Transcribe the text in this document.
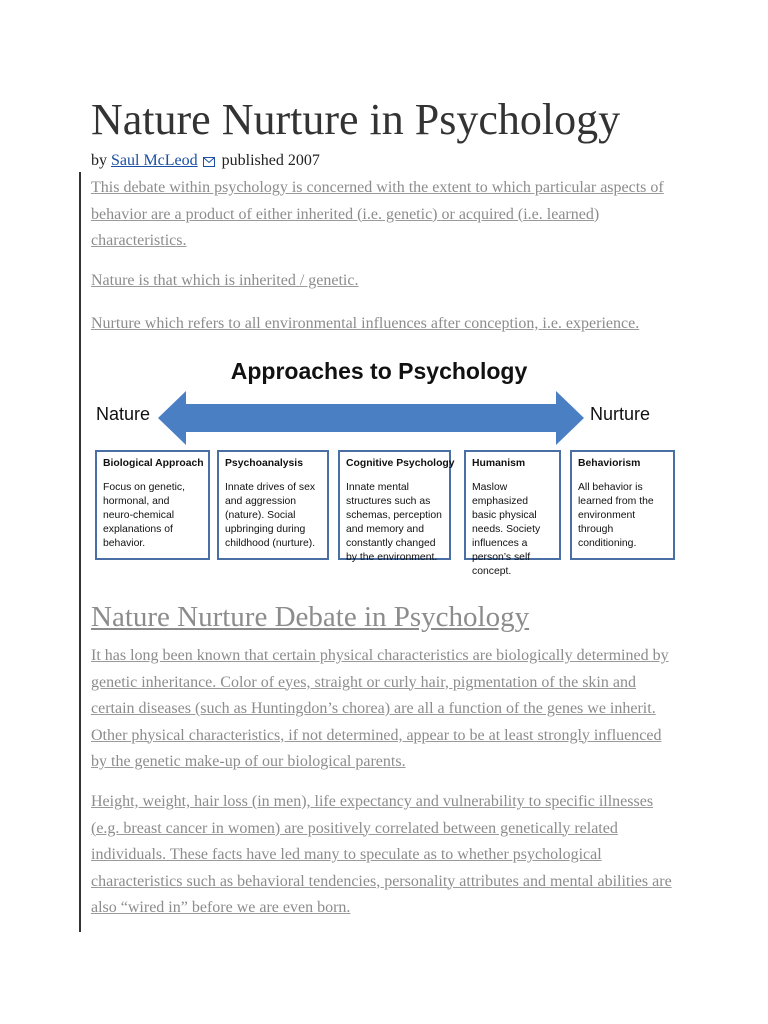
Nature Nurture in Psychology
by Saul McLeod published 2007

This debate within psychology is concerned with the extent to which particular aspects of behavior are a product of either inherited (i.e. genetic) or acquired (i.e. learned) characteristics.

Nature is that which is inherited / genetic.

Nurture which refers to all environmental influences after conception, i.e. experience.

Approaches to Psychology
Nature	Nurture
Biological Approach
Focus on genetic, hormonal, and neuro-chemical explanations of behavior.
Psychoanalysis
Innate drives of sex and aggression (nature). Social upbringing during childhood (nurture).
Cognitive Psychology
Innate mental structures such as schemas, perception and memory and constantly changed by the environment.
Humanism
Maslow emphasized basic physical needs. Society influences a person’s self concept.
Behaviorism
All behavior is learned from the environment through conditioning.
Nature Nurture Debate in Psychology

It has long been known that certain physical characteristics are biologically determined by genetic inheritance. Color of eyes, straight or curly hair, pigmentation of the skin and certain diseases (such as Huntingdon’s chorea) are all a function of the genes we inherit. Other physical characteristics, if not determined, appear to be at least strongly influenced by the genetic make-up of our biological parents.

Height, weight, hair loss (in men), life expectancy and vulnerability to specific illnesses (e.g. breast cancer in women) are positively correlated between genetically related individuals. These facts have led many to speculate as to whether psychological characteristics such as behavioral tendencies, personality attributes and mental abilities are also “wired in” before we are even born.
